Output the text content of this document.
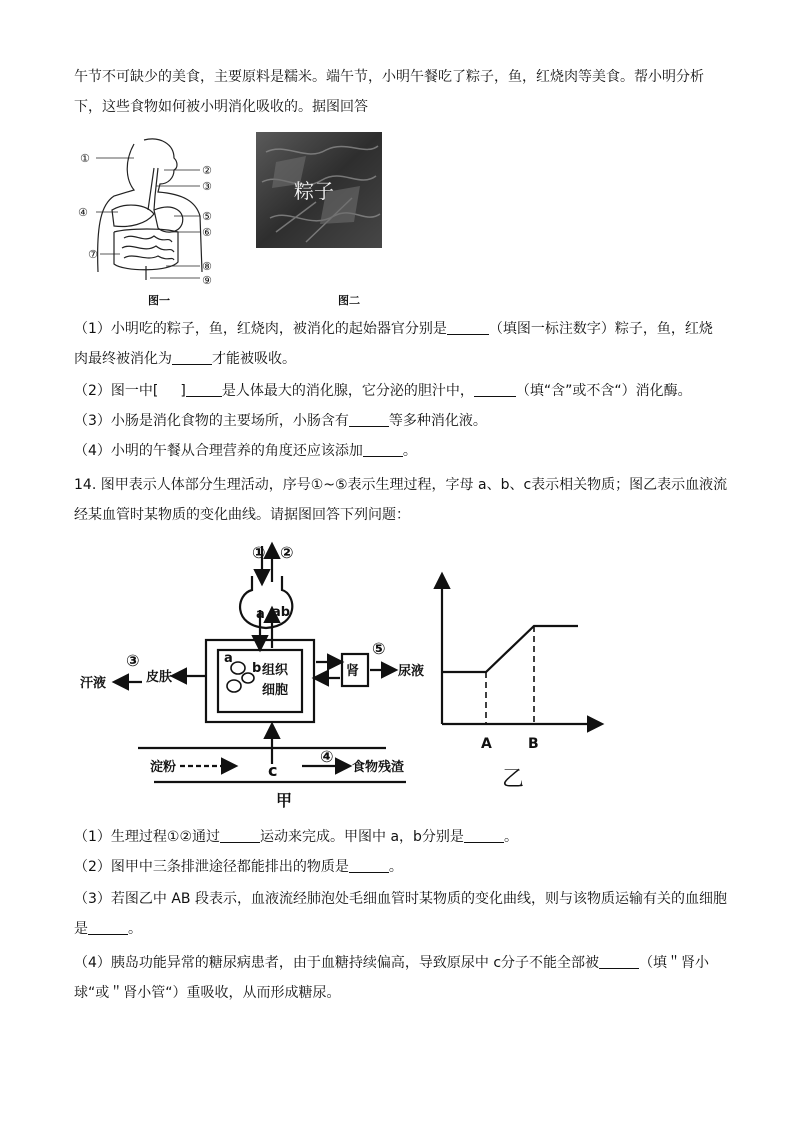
午节不可缺少的美食，主要原料是糯米。端午节，小明午餐吃了粽子，鱼，红烧肉等美食。帮小明分析
下，这些食物如何被小明消化吸收的。据图回答
①
②
③
④	⑤
⑥
⑦
⑧
⑨
图一
粽子
图二
（1）小明吃的粽子，鱼，红烧肉，被消化的起始器官分别是	（填图一标注数字）粽子，鱼，红烧
肉最终被消化为	才能被吸收。
（2）图一中[ ]	是人体最大的消化腺，它分泌的胆汁中，	（填“含”或不含“）消化酶。
（3）小肠是消化食物的主要场所，小肠含有	等多种消化液。
（4）小明的午餐从合理营养的角度还应该添加	。
14. 图甲表示人体部分生理活动，序号①~⑤表示生理过程，字母 a、b、c表示相关物质；图乙表示血液流
经某血管时某物质的变化曲线。请据图回答下列问题：
① ②
a ab
a
b 组织
细胞
肾
⑤
尿液
皮肤
③
汗液
淀粉	c
④
食物残渣
甲
A	B
乙
（1）生理过程①②通过	运动来完成。甲图中 a，b分别是	。
（2）图甲中三条排泄途径都能排出的物质是	。
（3）若图乙中 AB 段表示，血液流经肺泡处毛细血管时某物质的变化曲线，则与该物质运输有关的血细胞
是	。
（4）胰岛功能异常的糖尿病患者，由于血糖持续偏高，导致原尿中 c分子不能全部被	（填＂肾小
球“或＂肾小管“）重吸收，从而形成糖尿。
